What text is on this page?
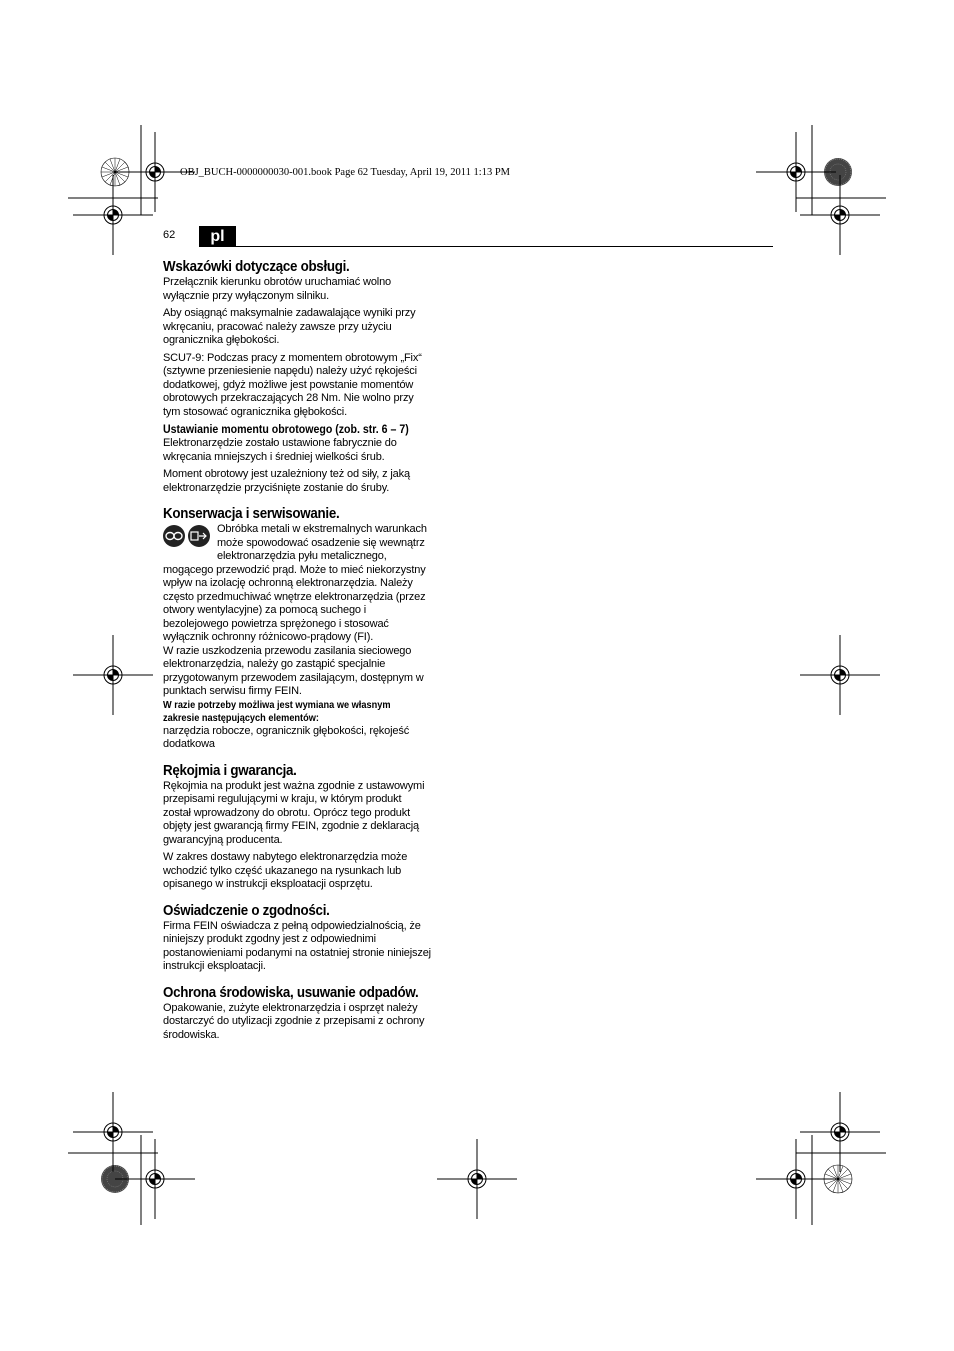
OBJ_BUCH-0000000030-001.book Page 62 Tuesday, April 19, 2011 1:13 PM
62	pl
Wskazówki dotyczące obsługi.

Przełącznik kierunku obrotów uruchamiać wolno
wyłącznie przy wyłączonym silniku.

Aby osiągnąć maksymalnie zadawalające wyniki przy
wkręcaniu, pracować należy zawsze przy użyciu
ogranicznika głębokości.

SCU7-9: Podczas pracy z momentem obrotowym „Fix“
(sztywne przeniesienie napędu) należy użyć rękojeści
dodatkowej, gdyż możliwe jest powstanie momentów
obrotowych przekraczających 28 Nm. Nie wolno przy
tym stosować ogranicznika głębokości.

Ustawianie momentu obrotowego (zob. str. 6 – 7)

Elektronarzędzie zostało ustawione fabrycznie do
wkręcania mniejszych i średniej wielkości śrub.

Moment obrotowy jest uzależniony też od siły, z jaką
elektronarzędzie przyciśnięte zostanie do śruby.

Konserwacja i serwisowanie.

Obróbka metali w ekstremalnych warunkach
może spowodować osadzenie się wewnątrz
elektronarzędzia pyłu metalicznego,

mogącego przewodzić prąd. Może to mieć niekorzystny
wpływ na izolację ochronną elektronarzędzia. Należy
często przedmuchiwać wnętrze elektronarzędzia (przez
otwory wentylacyjne) za pomocą suchego i
bezolejowego powietrza sprężonego i stosować
wyłącznik ochronny różnicowo-prądowy (FI).

W razie uszkodzenia przewodu zasilania sieciowego
elektronarzędzia, należy go zastąpić specjalnie
przygotowanym przewodem zasilającym, dostępnym w
punktach serwisu firmy FEIN.

W razie potrzeby możliwa jest wymiana we własnym
zakresie następujących elementów:

narzędzia robocze, ogranicznik głębokości, rękojeść
dodatkowa

Rękojmia i gwarancja.

Rękojmia na produkt jest ważna zgodnie z ustawowymi
przepisami regulującymi w kraju, w którym produkt
został wprowadzony do obrotu. Oprócz tego produkt
objęty jest gwarancją firmy FEIN, zgodnie z deklaracją
gwarancyjną producenta.

W zakres dostawy nabytego elektronarzędzia może
wchodzić tylko część ukazanego na rysunkach lub
opisanego w instrukcji eksploatacji osprzętu.

Oświadczenie o zgodności.

Firma FEIN oświadcza z pełną odpowiedzialnością, że
niniejszy produkt zgodny jest z odpowiednimi
postanowieniami podanymi na ostatniej stronie niniejszej
instrukcji eksploatacji.

Ochrona środowiska, usuwanie odpadów.

Opakowanie, zużyte elektronarzędzia i osprzęt należy
dostarczyć do utylizacji zgodnie z przepisami z ochrony
środowiska.
